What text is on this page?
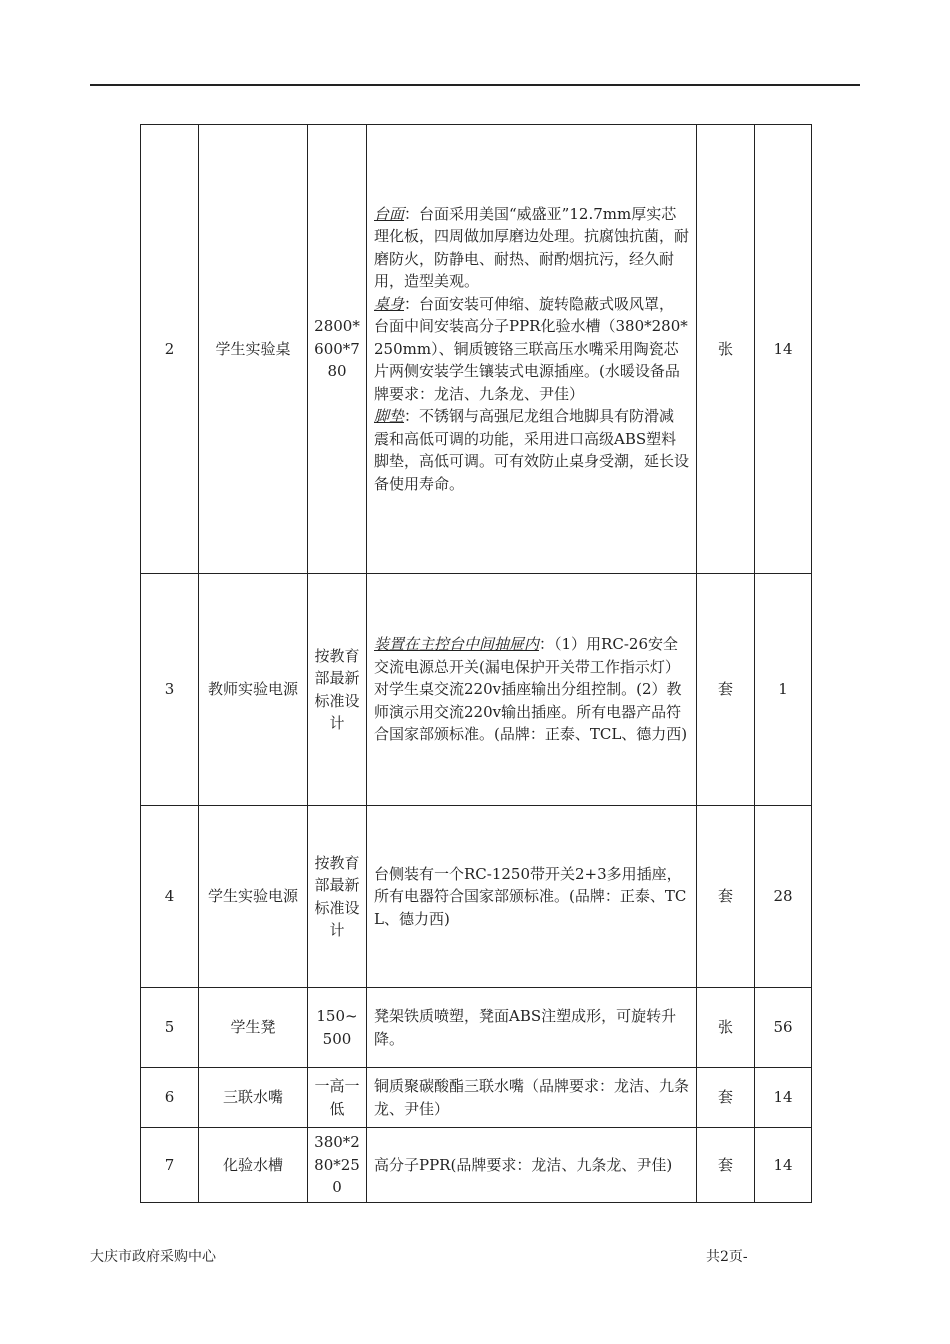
2	学生实验桌	2800*600*780	台面：台面采用美国“威盛亚”12.7mm厚实芯理化板，四周做加厚磨边处理。抗腐蚀抗菌，耐磨防火，防静电、耐热、耐酌烟抗污，经久耐用，造型美观。
桌身：台面安装可伸缩、旋转隐蔽式吸风罩，台面中间安装高分子PPR化验水槽（380*280*250mm）、铜质镀铬三联高压水嘴采用陶瓷芯片两侧安装学生镶装式电源插座。(水暖设备品牌要求：龙洁、九条龙、尹佳）
脚垫：不锈钢与高强尼龙组合地脚具有防滑减震和高低可调的功能，采用进口高级ABS塑料脚垫，高低可调。可有效防止桌身受潮，延长设备使用寿命。	张	14
3	教师实验电源	按教育部最新标准设计	装置在主控台中间抽屉内：（1）用RC-26安全交流电源总开关(漏电保护开关带工作指示灯）对学生桌交流220v插座输出分组控制。(2）教师演示用交流220v输出插座。所有电器产品符合国家部颁标准。(品牌：正泰、TCL、德力西)	套	1
4	学生实验电源	按教育部最新标准设计	台侧装有一个RC-1250带开关2+3多用插座，所有电器符合国家部颁标准。(品牌：正泰、TCL、德力西)	套	28
5	学生凳	150~500	凳架铁质喷塑，凳面ABS注塑成形，可旋转升降。	张	56
6	三联水嘴	一高一低	铜质聚碳酸酯三联水嘴（品牌要求：龙洁、九条龙、尹佳）	套	14
7	化验水槽	380*280*250	高分子PPR(品牌要求：龙洁、九条龙、尹佳)	套	14
大庆市政府采购中心	共2页-
